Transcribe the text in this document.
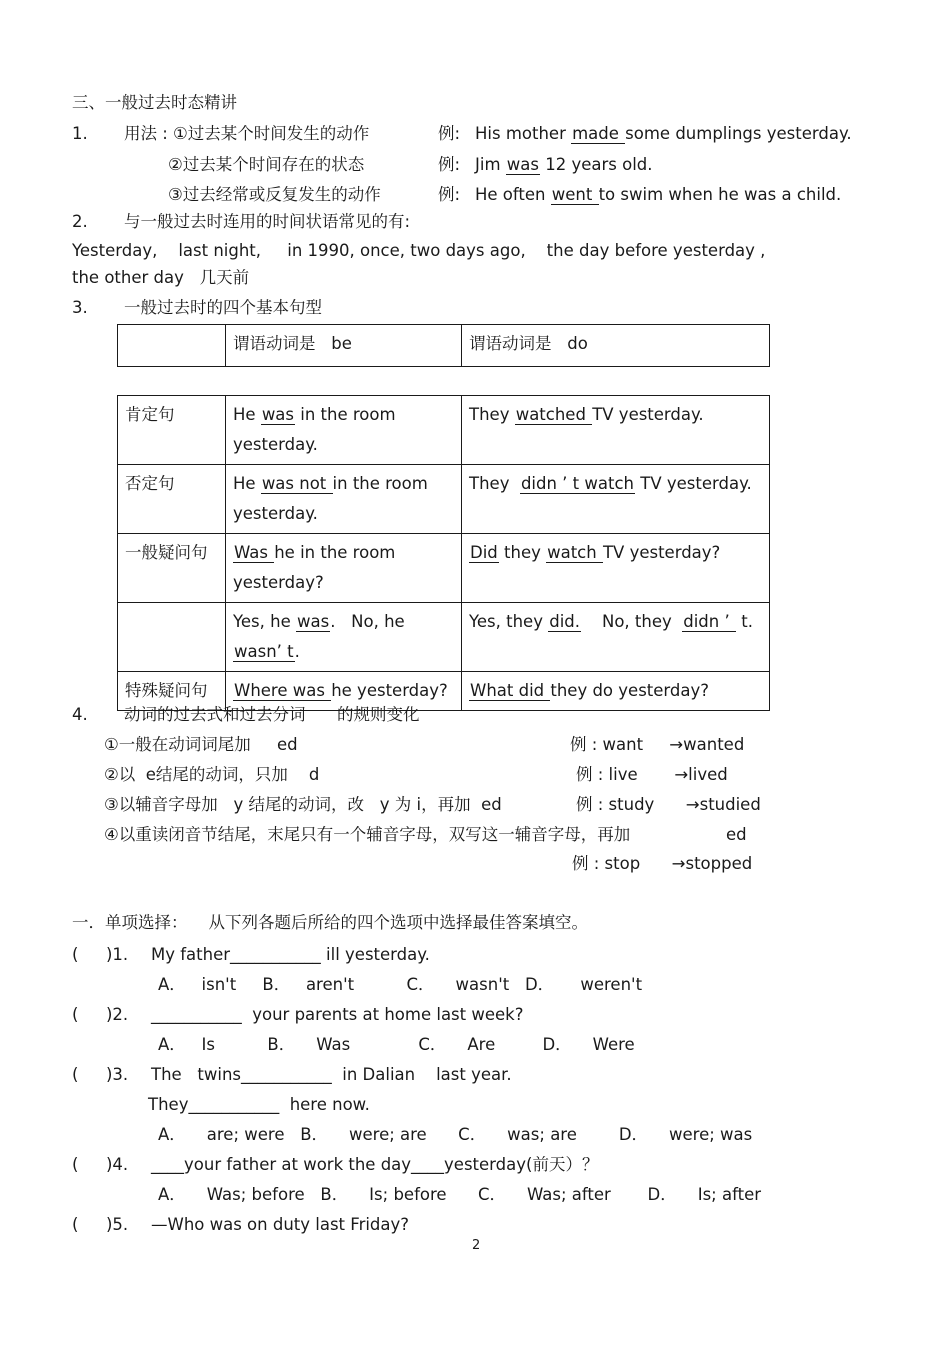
三、一般过去时态精讲
1. 用法 : ①过去某个时间发生的动作	例: His mother made some dumplings yesterday.
②过去某个时间存在的状态	例: Jim was 12 years old.
③过去经常或反复发生的动作	例: He often went to swim when he was a child.
2. 与一般过去时连用的时间状语常见的有:
Yesterday,    last night,     in 1990, once, two days ago,    the day before yesterday ,
the other day   几天前
3. 一般过去时的四个基本句型
	谓语动词是   be	谓语动词是   do
肯定句	He was in the room yesterday.	They watched TV yesterday.
否定句	He was not in the room yesterday.	They  didn ’ t watch TV yesterday.
一般疑问句	Was he in the room yesterday?	Did they watch TV yesterday?
	Yes, he was.   No, he wasn’ t.	Yes, they did.    No, they  didn ’  t.
特殊疑问句	Where was he yesterday?	What did they do yesterday?
4. 动词的过去式和过去分词      的规则变化
①一般在动词词尾加     ed	例 : want     →wanted
②以  e结尾的动词，只加    d	例 : live       →lived
③以辅音字母加   y 结尾的动词，改   y 为 i，再加  ed	例 : study      →studied
④以重读闭音节结尾，末尾只有一个辅音字母，双写这一辅音字母，再加	ed
例 : stop      →stopped
一．单项选择：    从下列各题后所给的四个选项中选择最佳答案填空。
( )1. My father___________ ill yesterday.
A．   isn't     B．   aren't          C．    wasn't   D．     weren't
( )2. ___________  your parents at home last week?
A．   Is          B．    Was             C．    Are         D．    Were
( )3. The   twins___________  in Dalian    last year.
They___________  here now.
A．    are; were   B．    were; are      C．    was; are        D．    were; was
( )4. ____your father at work the day____yesterday(前天）？
A．    Was; before   B．    Is; before      C．    Was; after       D．    Is; after
( )5. —Who was on duty last Friday?
2
